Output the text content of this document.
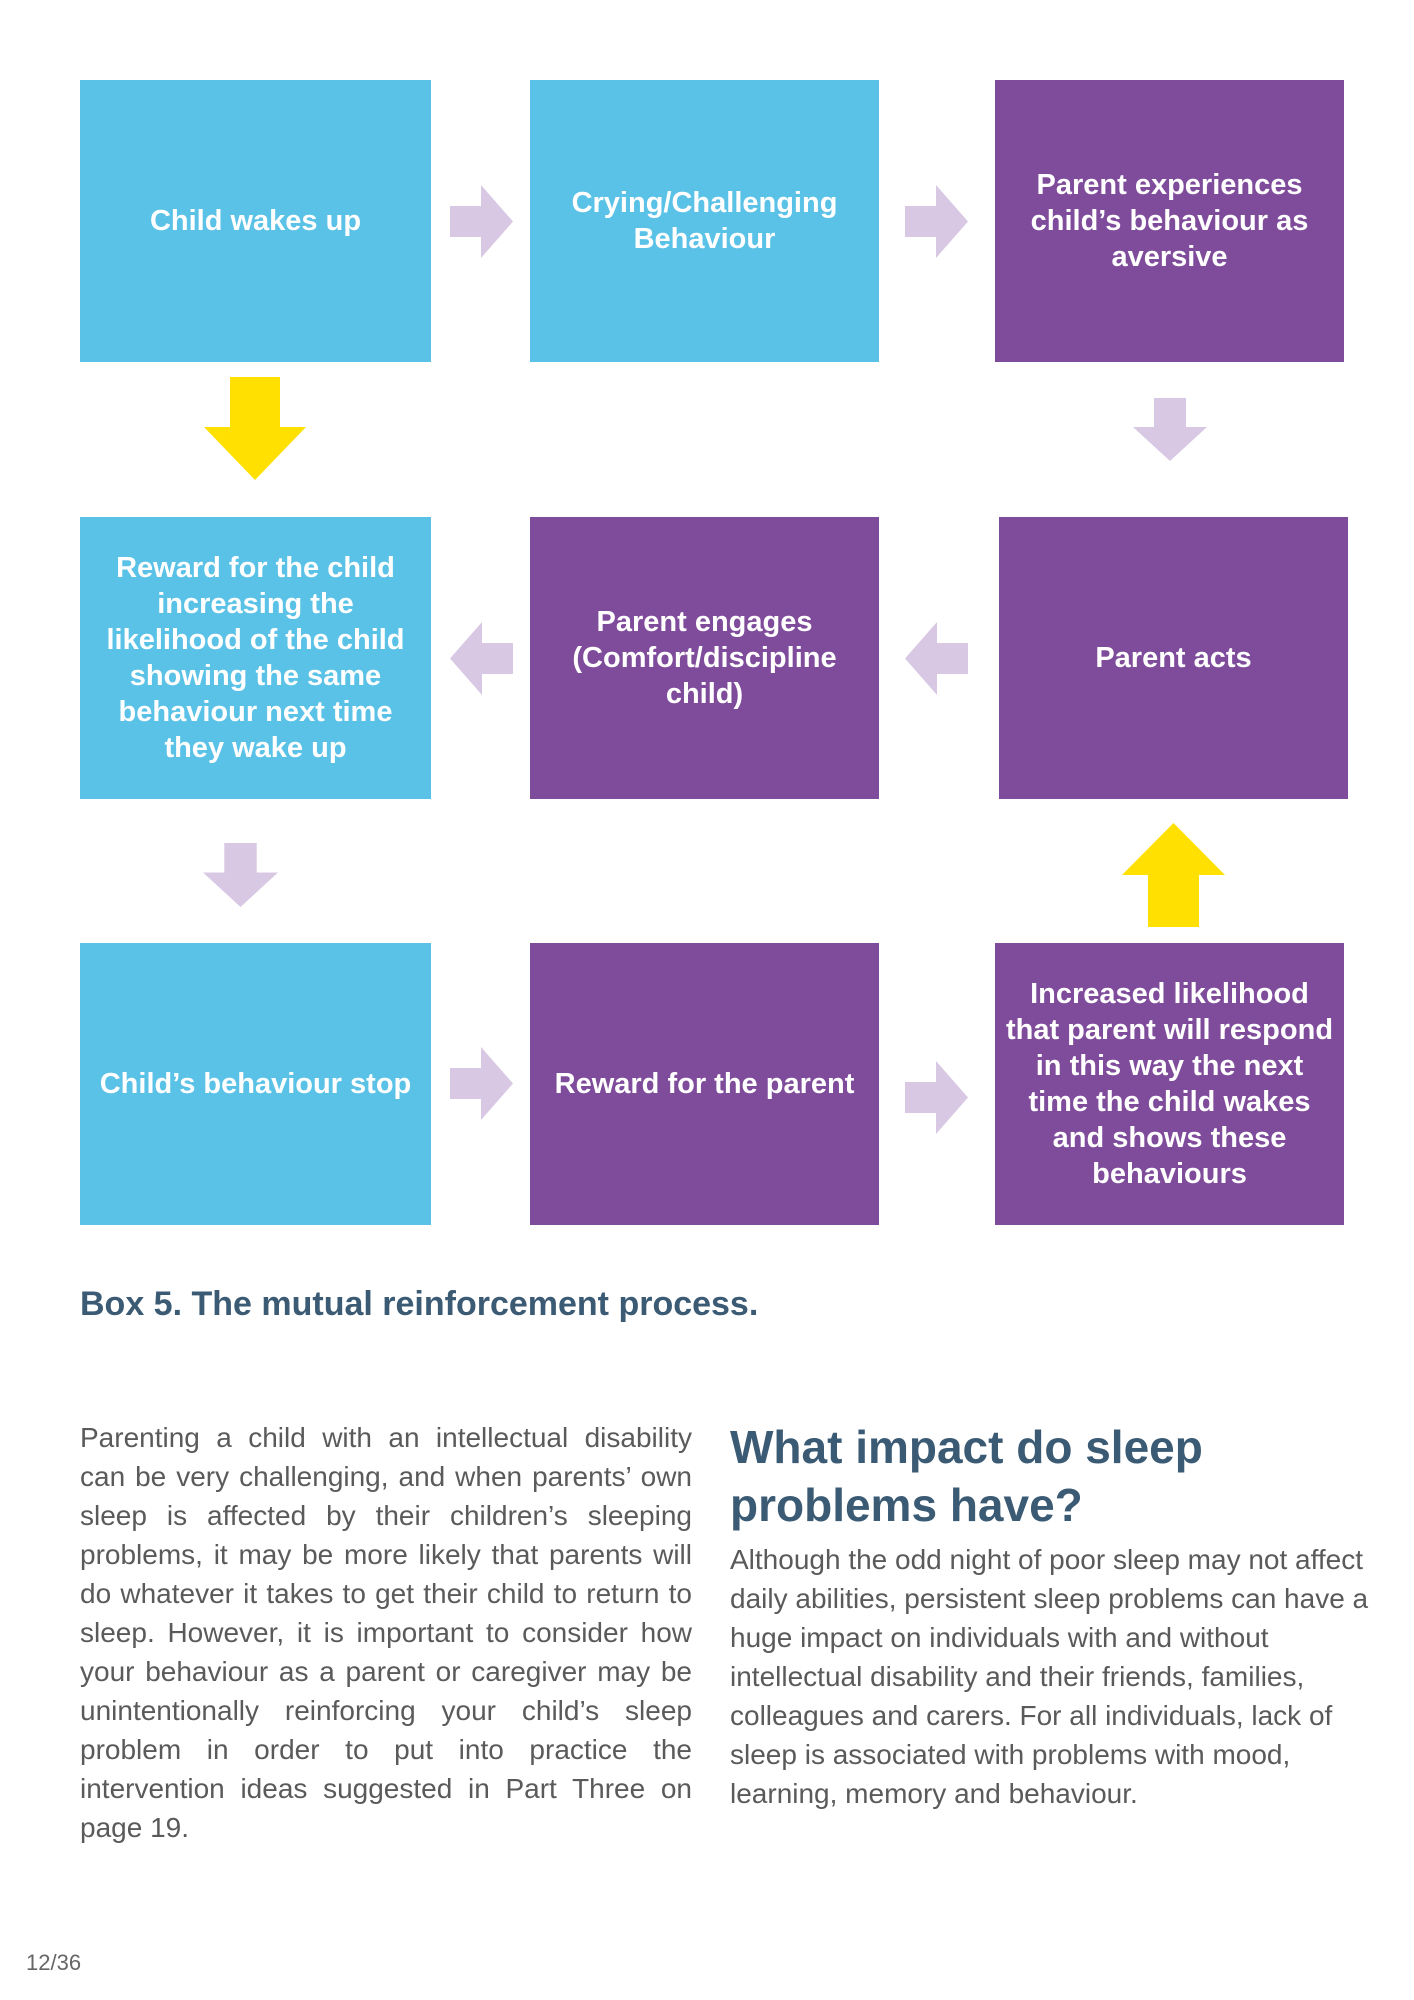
Child wakes up
Crying/Challenging Behaviour
Parent experiences child’s behaviour as aversive
Reward for the child increasing the likelihood of the child showing the same behaviour next time they wake up
Parent engages (Comfort/discipline child)
Parent acts
Child’s behaviour stop	Reward for the parent
Increased likelihood that parent will respond in this way the next time the child wakes and shows these behaviours

Box 5. The mutual reinforcement process.

Parenting a child with an intellectual disability can be very challenging, and when parents’ own sleep is affected by their children’s sleeping problems, it may be more likely that parents will do whatever it takes to get their child to return to sleep. However, it is important to consider how your behaviour as a parent or caregiver may be unintentionally reinforcing your child’s sleep problem in order to put into practice the intervention ideas suggested in Part Three on page 19.

What impact do sleep problems have?

Although the odd night of poor sleep may not affect daily abilities, persistent sleep problems can have a huge impact on individuals with and without intellectual disability and their friends, families, colleagues and carers. For all individuals, lack of sleep is associated with problems with mood, learning, memory and behaviour.

12/36
